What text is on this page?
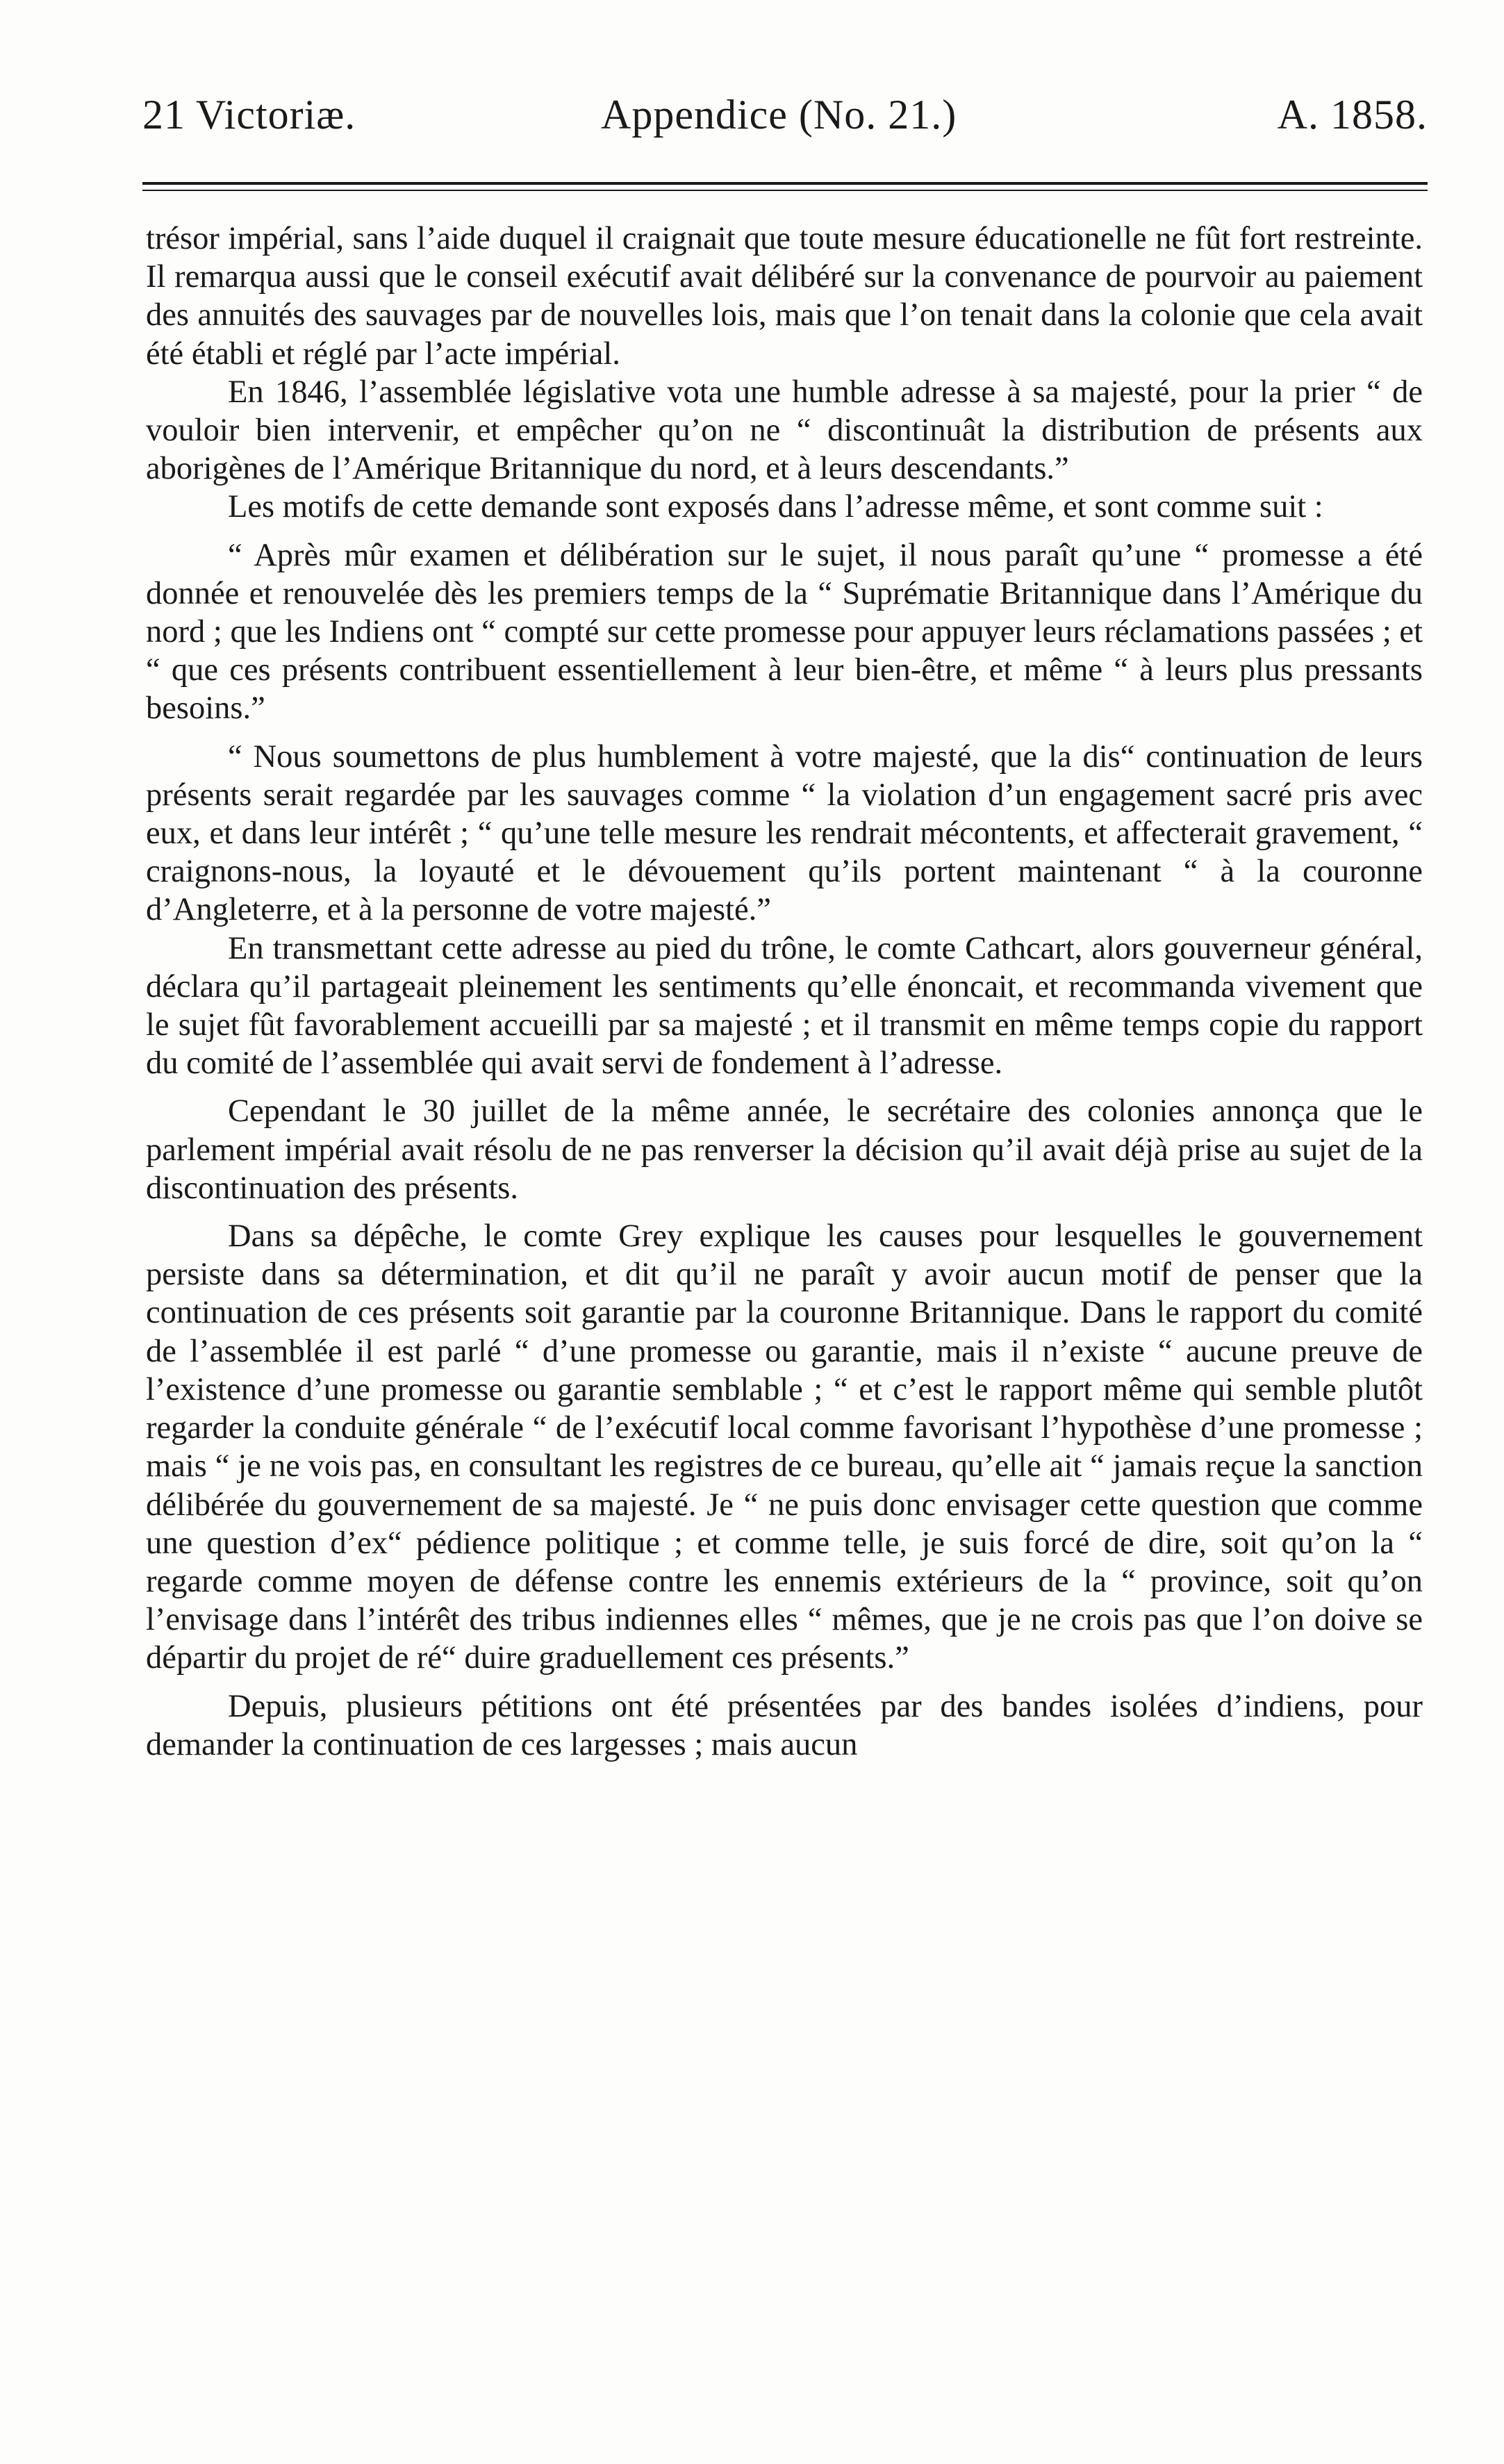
21 Victoriæ.	Appendice (No. 21.)	A. 1858.

trésor impérial, sans l’aide duquel il craignait que toute mesure éducationelle ne fût fort restreinte. Il remarqua aussi que le conseil exécutif avait délibéré sur la convenance de pourvoir au paiement des annuités des sauvages par de nouvelles lois, mais que l’on tenait dans la colonie que cela avait été établi et réglé par l’acte impérial.

En 1846, l’assemblée législative vota une humble adresse à sa majesté, pour la prier “ de vouloir bien intervenir, et empêcher qu’on ne “ discontinuât la distribution de présents aux aborigènes de l’Amérique Britannique du nord, et à leurs descendants.”

Les motifs de cette demande sont exposés dans l’adresse même, et sont comme suit :

“ Après mûr examen et délibération sur le sujet, il nous paraît qu’une “ promesse a été donnée et renouvelée dès les premiers temps de la “ Suprématie Britannique dans l’Amérique du nord ; que les Indiens ont “ compté sur cette promesse pour appuyer leurs réclamations passées ; et “ que ces présents contribuent essentiellement à leur bien-être, et même “ à leurs plus pressants besoins.”

“ Nous soumettons de plus humblement à votre majesté, que la dis“ continuation de leurs présents serait regardée par les sauvages comme “ la violation d’un engagement sacré pris avec eux, et dans leur intérêt ; “ qu’une telle mesure les rendrait mécontents, et affecterait gravement, “ craignons-nous, la loyauté et le dévouement qu’ils portent maintenant “ à la couronne d’Angleterre, et à la personne de votre majesté.”

En transmettant cette adresse au pied du trône, le comte Cathcart, alors gouverneur général, déclara qu’il partageait pleinement les sentiments qu’elle énoncait, et recommanda vivement que le sujet fût favorablement accueilli par sa majesté ; et il transmit en même temps copie du rapport du comité de l’assemblée qui avait servi de fondement à l’adresse.

Cependant le 30 juillet de la même année, le secrétaire des colonies annonça que le parlement impérial avait résolu de ne pas renverser la décision qu’il avait déjà prise au sujet de la discontinuation des présents.

Dans sa dépêche, le comte Grey explique les causes pour lesquelles le gouvernement persiste dans sa détermination, et dit qu’il ne paraît y avoir aucun motif de penser que la continuation de ces présents soit garantie par la couronne Britannique. Dans le rapport du comité de l’assemblée il est parlé “ d’une promesse ou garantie, mais il n’existe “ aucune preuve de l’existence d’une promesse ou garantie semblable ; “ et c’est le rapport même qui semble plutôt regarder la conduite générale “ de l’exécutif local comme favorisant l’hypothèse d’une promesse ; mais “ je ne vois pas, en consultant les registres de ce bureau, qu’elle ait “ jamais reçue la sanction délibérée du gouvernement de sa majesté. Je “ ne puis donc envisager cette question que comme une question d’ex“ pédience politique ; et comme telle, je suis forcé de dire, soit qu’on la “ regarde comme moyen de défense contre les ennemis extérieurs de la “ province, soit qu’on l’envisage dans l’intérêt des tribus indiennes elles “ mêmes, que je ne crois pas que l’on doive se départir du projet de ré“ duire graduellement ces présents.”

Depuis, plusieurs pétitions ont été présentées par des bandes isolées d’indiens, pour demander la continuation de ces largesses ; mais aucun
